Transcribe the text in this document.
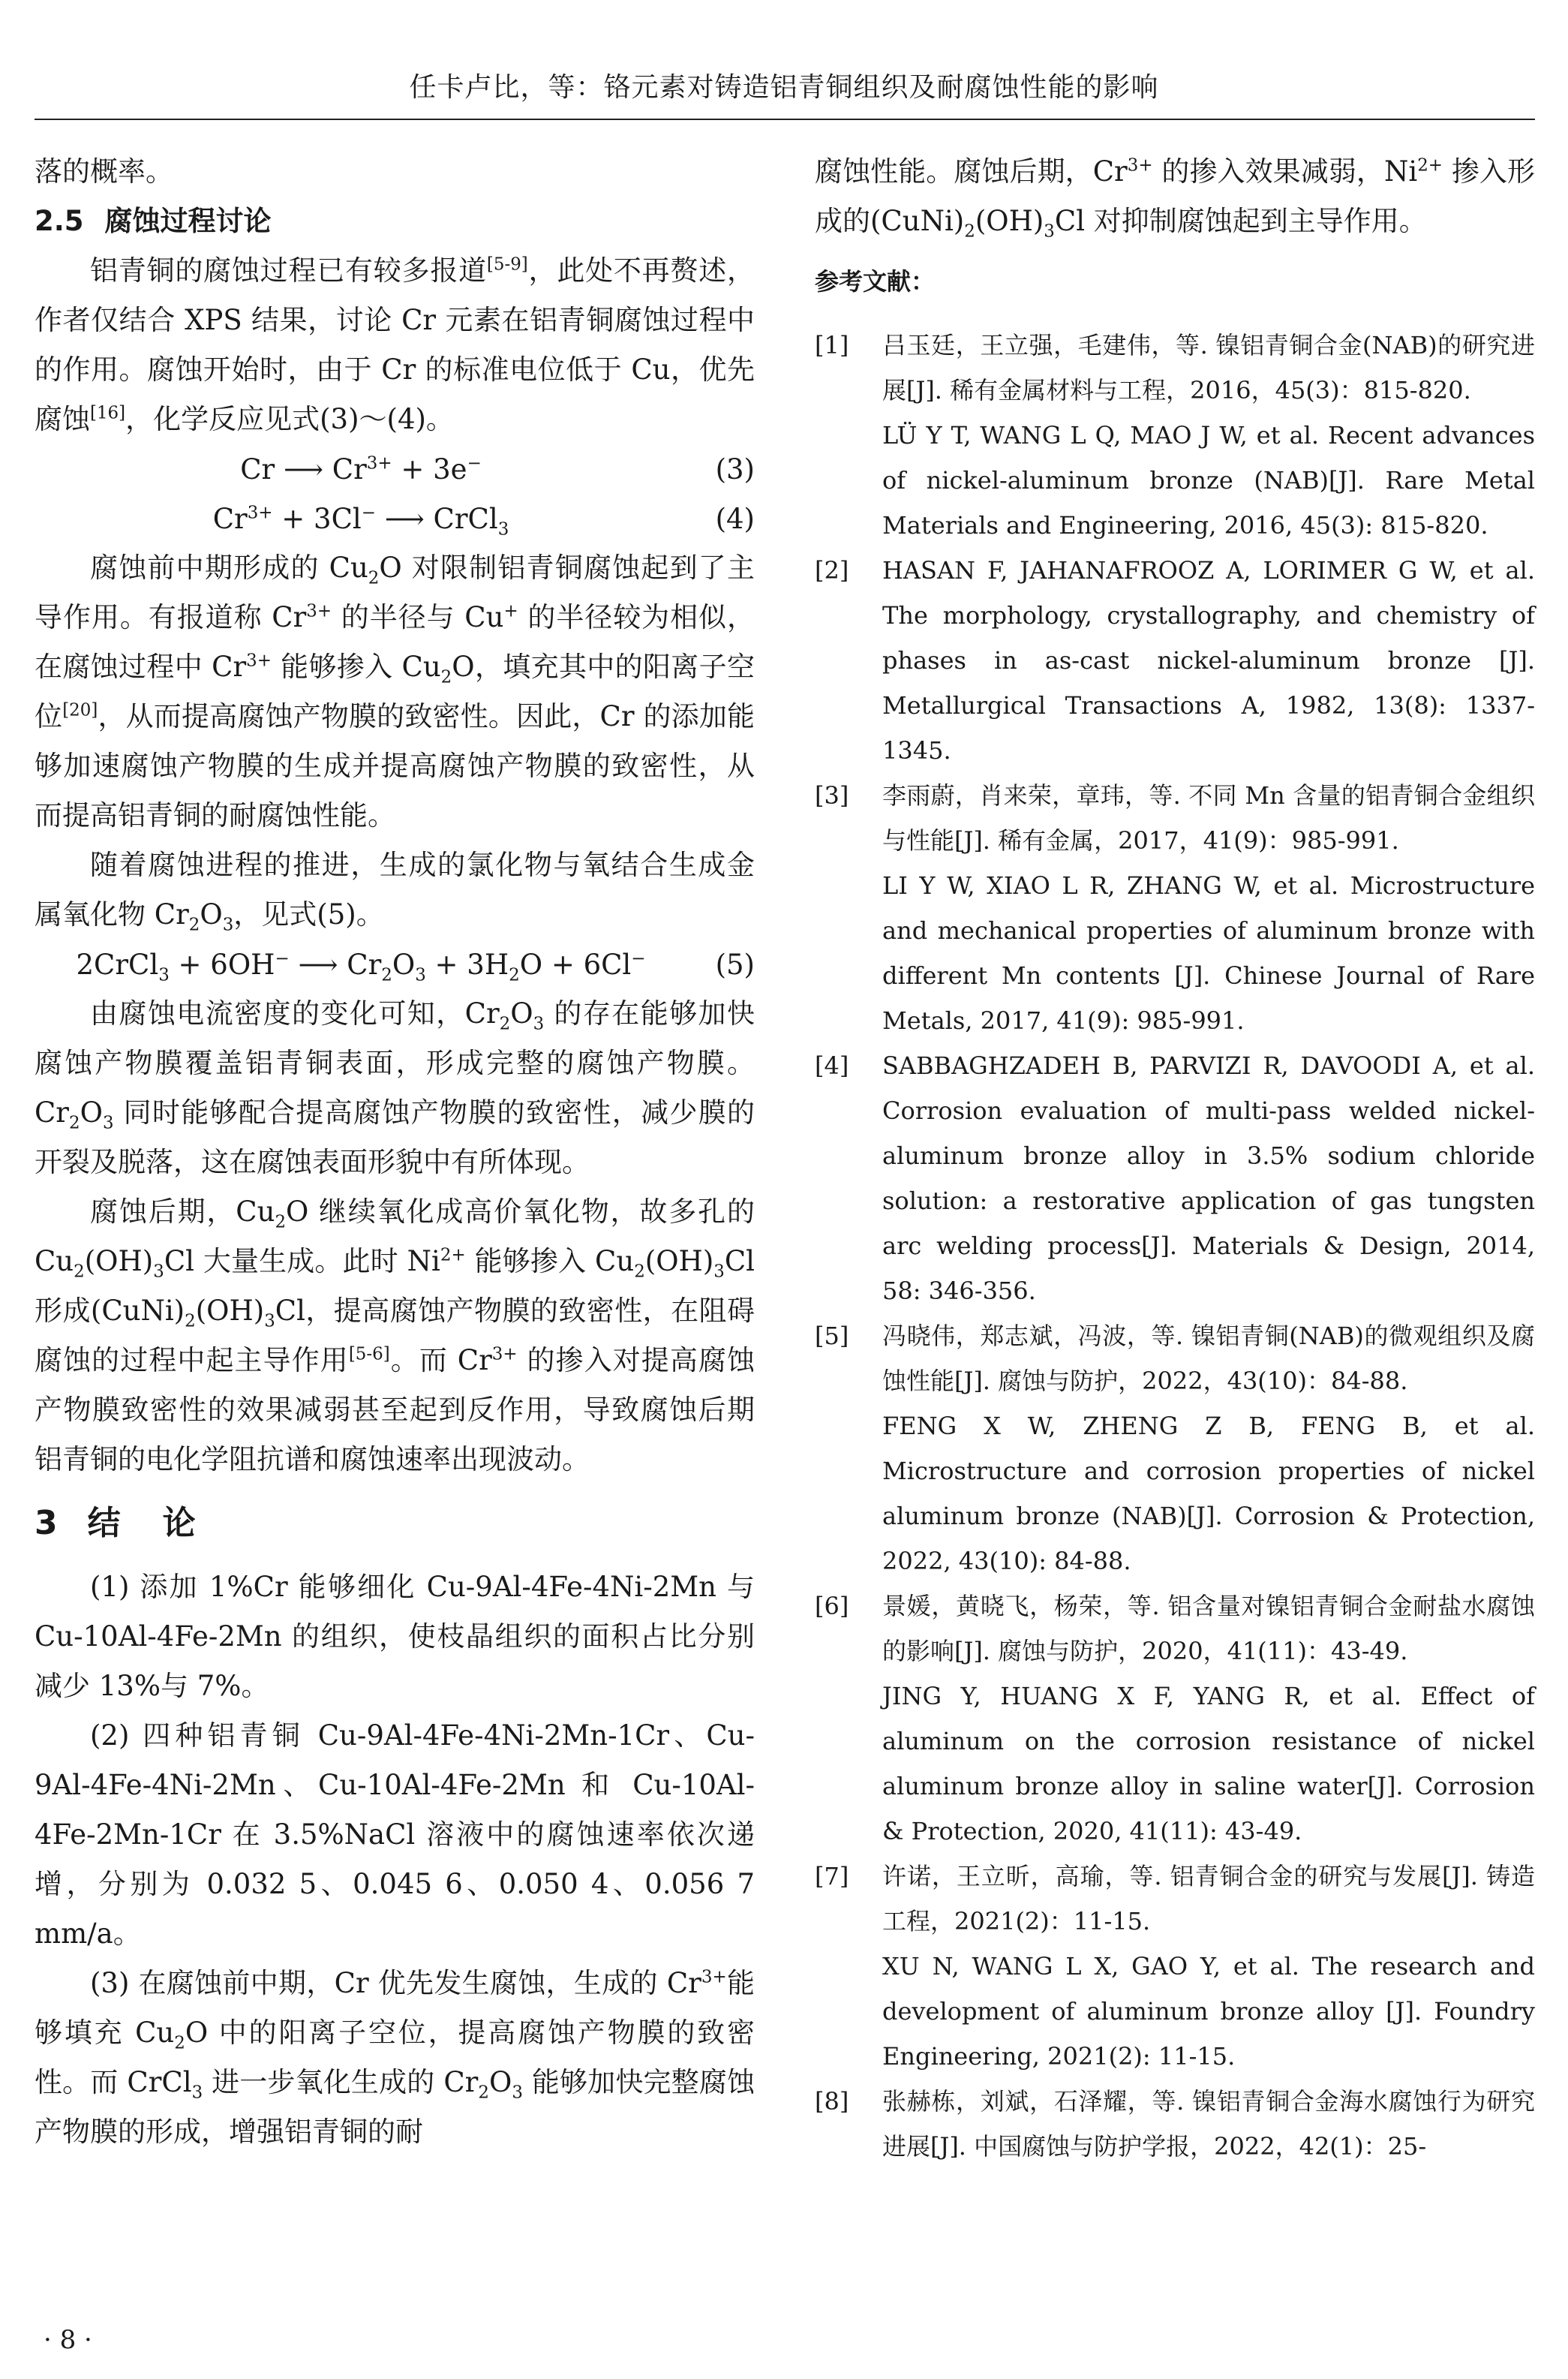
任卡卢比，等：铬元素对铸造铝青铜组织及耐腐蚀性能的影响

落的概率。

2.5 腐蚀过程讨论

铝青铜的腐蚀过程已有较多报道[5-9]，此处不再赘述，作者仅结合 XPS 结果，讨论 Cr 元素在铝青铜腐蚀过程中的作用。腐蚀开始时，由于 Cr 的标准电位低于 Cu，优先腐蚀[16]，化学反应见式(3)～(4)。

Cr ⟶ $Cr^{3+} + 3e^-$	(3)
$Cr^{3+} + 3Cl^-$ ⟶ CrCl$_3$	(4)

腐蚀前中期形成的 $Cu_2O$ 对限制铝青铜腐蚀起到了主导作用。有报道称 $Cr^{3+}$ 的半径与 Cu+ 的半径较为相似，在腐蚀过程中 $Cr^{3+}$ 能够掺入 $Cu_2O$，填充其中的阳离子空位[20]，从而提高腐蚀产物膜的致密性。因此，Cr 的添加能够加速腐蚀产物膜的生成并提高腐蚀产物膜的致密性，从而提高铝青铜的耐腐蚀性能。

随着腐蚀进程的推进，生成的氯化物与氧结合生成金属氧化物 $Cr_2O_3$，见式(5)。

2CrCl$_3$ + 6OH− ⟶ $Cr_2O_3 + 3H_2O + 6Cl^-$	(5)

由腐蚀电流密度的变化可知，$Cr_2O_3$ 的存在能够加快腐蚀产物膜覆盖铝青铜表面，形成完整的腐蚀产物膜。$Cr_2O_3$ 同时能够配合提高腐蚀产物膜的致密性，减少膜的开裂及脱落，这在腐蚀表面形貌中有所体现。

腐蚀后期，$Cu_2O$ 继续氧化成高价氧化物，故多孔的 $Cu_2(OH)_3Cl$ 大量生成。此时 $Ni^{2+}$ 能够掺入 $Cu_2(OH)_3Cl$ 形成$(CuNi)_2(OH)_3Cl$，提高腐蚀产物膜的致密性，在阻碍腐蚀的过程中起主导作用[5-6]。而 $Cr^{3+}$ 的掺入对提高腐蚀产物膜致密性的效果减弱甚至起到反作用，导致腐蚀后期铝青铜的电化学阻抗谱和腐蚀速率出现波动。

3 结 论

(1) 添加 1%Cr 能够细化 Cu-9Al-4Fe-4Ni-2Mn 与 Cu-10Al-4Fe-2Mn 的组织，使枝晶组织的面积占比分别减少 13%与 7%。

(2) 四种铝青铜 Cu-9Al-4Fe-4Ni-2Mn-1Cr、Cu-9Al-4Fe-4Ni-2Mn、Cu-10Al-4Fe-2Mn 和 Cu-10Al-4Fe-2Mn-1Cr 在 3.5%NaCl 溶液中的腐蚀速率依次递增，分别为 0.032 5、0.045 6、0.050 4、0.056 7 mm/a。

(3) 在腐蚀前中期，Cr 优先发生腐蚀，生成的 $Cr^{3+}$能够填充 $Cu_2O$ 中的阳离子空位，提高腐蚀产物膜的致密性。而 CrCl$_3$ 进一步氧化生成的 $Cr_2O_3$ 能够加快完整腐蚀产物膜的形成，增强铝青铜的耐

腐蚀性能。腐蚀后期，$Cr^{3+}$ 的掺入效果减弱，$Ni^{2+}$ 掺入形成的$(CuNi)_2(OH)_3Cl$ 对抑制腐蚀起到主导作用。

参考文献：
[1]	吕玉廷，王立强，毛建伟，等. 镍铝青铜合金(NAB)的研究进展[J]. 稀有金属材料与工程，2016，45(3)：815-820.

LÜ Y T, WANG L Q, MAO J W, et al. Recent advances of nickel-aluminum bronze (NAB)[J]. Rare Metal Materials and Engineering, 2016, 45(3): 815-820.

[2]	HASAN F, JAHANAFROOZ A, LORIMER G W, et al. The morphology, crystallography, and chemistry of phases in as-cast nickel-aluminum bronze [J]. Metallurgical Transactions A, 1982, 13(8): 1337-1345.

[3]	李雨蔚，肖来荣，章玮，等. 不同 Mn 含量的铝青铜合金组织与性能[J]. 稀有金属，2017，41(9)：985-991.

LI Y W, XIAO L R, ZHANG W, et al. Microstructure and mechanical properties of aluminum bronze with different Mn contents [J]. Chinese Journal of Rare Metals, 2017, 41(9): 985-991.

[4]	SABBAGHZADEH B, PARVIZI R, DAVOODI A, et al. Corrosion evaluation of multi-pass welded nickel-aluminum bronze alloy in 3.5% sodium chloride solution: a restorative application of gas tungsten arc welding process[J]. Materials & Design, 2014, 58: 346-356.

[5]	冯晓伟，郑志斌，冯波，等. 镍铝青铜(NAB)的微观组织及腐蚀性能[J]. 腐蚀与防护，2022，43(10)：84-88.

FENG X W, ZHENG Z B, FENG B, et al. Microstructure and corrosion properties of nickel aluminum bronze (NAB)[J]. Corrosion & Protection, 2022, 43(10): 84-88.

[6]	景媛，黄晓飞，杨荣，等. 铝含量对镍铝青铜合金耐盐水腐蚀的影响[J]. 腐蚀与防护，2020，41(11)：43-49.

JING Y, HUANG X F, YANG R, et al. Effect of aluminum on the corrosion resistance of nickel aluminum bronze alloy in saline water[J]. Corrosion & Protection, 2020, 41(11): 43-49.

[7]	许诺，王立昕，高瑜，等. 铝青铜合金的研究与发展[J]. 铸造工程，2021(2)：11-15.

XU N, WANG L X, GAO Y, et al. The research and development of aluminum bronze alloy [J]. Foundry Engineering, 2021(2): 11-15.

[8]	张赫栋，刘斌，石泽耀，等. 镍铝青铜合金海水腐蚀行为研究进展[J]. 中国腐蚀与防护学报，2022，42(1)：25-

· 8 ·
